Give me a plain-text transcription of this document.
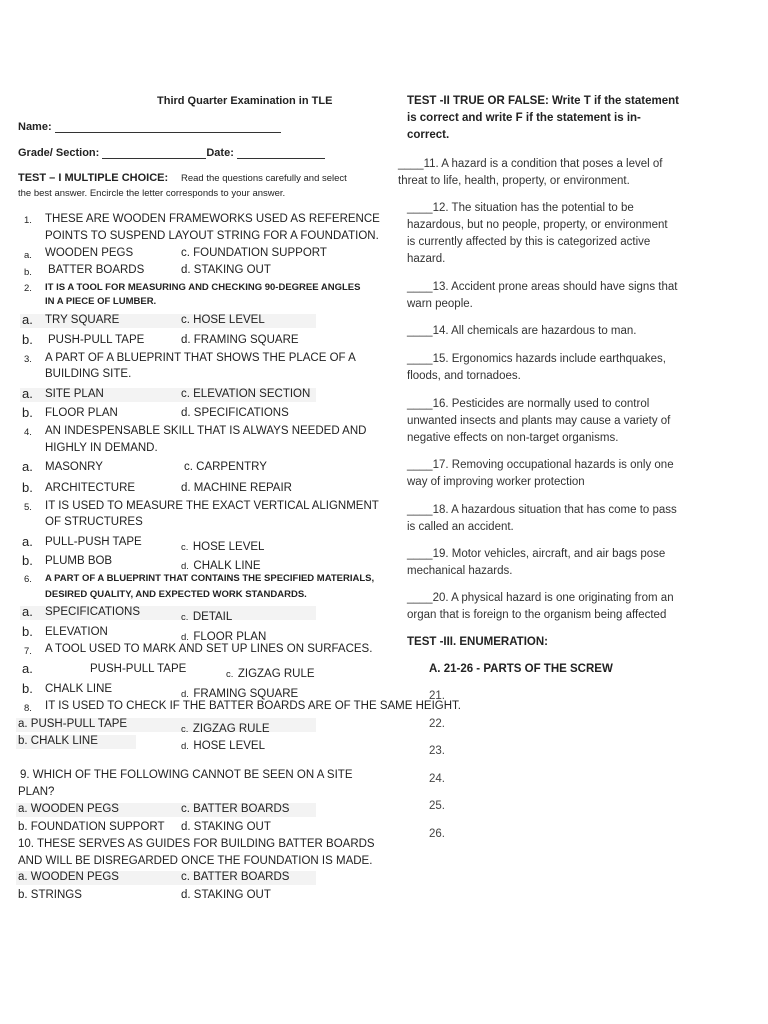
Third Quarter Examination in TLE
Name:
Grade/ Section:	Date:
TEST – I MULTIPLE CHOICE: Read the questions carefully and select
the best answer. Encircle the letter corresponds to your answer.
1. THESE ARE WOODEN FRAMEWORKS USED AS REFERENCE
POINTS TO SUSPEND LAYOUT STRING FOR A FOUNDATION.
a. WOODEN PEGS	c. FOUNDATION SUPPORT
b. BATTER BOARDS	d. STAKING OUT
2. IT IS A TOOL FOR MEASURING AND CHECKING 90-DEGREE ANGLES
IN A PIECE OF LUMBER.
a. TRY SQUARE	c. HOSE LEVEL
b. PUSH-PULL TAPE	d. FRAMING SQUARE
3. A PART OF A BLUEPRINT THAT SHOWS THE PLACE OF A
BUILDING SITE.
a. SITE PLAN	c. ELEVATION SECTION
b. FLOOR PLAN	d. SPECIFICATIONS
4. AN INDESPENSABLE SKILL THAT IS ALWAYS NEEDED AND
HIGHLY IN DEMAND.
a. MASONRY	c. CARPENTRY
b. ARCHITECTURE	d. MACHINE REPAIR
5. IT IS USED TO MEASURE THE EXACT VERTICAL ALIGNMENT
OF STRUCTURES
a. PULL-PUSH TAPE	c. HOSE LEVEL
b. PLUMB BOB	d. CHALK LINE
6. A PART OF A BLUEPRINT THAT CONTAINS THE SPECIFIED MATERIALS,
DESIRED QUALITY, AND EXPECTED WORK STANDARDS.
a. SPECIFICATIONS	c. DETAIL
b. ELEVATION	d. FLOOR PLAN
7. A TOOL USED TO MARK AND SET UP LINES ON SURFACES.
a.	PUSH-PULL TAPE	c. ZIGZAG RULE
b. CHALK LINE	d. FRAMING SQUARE
8. IT IS USED TO CHECK IF THE BATTER BOARDS ARE OF THE SAME HEIGHT.
a. PUSH-PULL TAPE	c. ZIGZAG RULE
b. CHALK LINE	d. HOSE LEVEL
9. WHICH OF THE FOLLOWING CANNOT BE SEEN ON A SITE
PLAN?
a. WOODEN PEGS	c. BATTER BOARDS
b. FOUNDATION SUPPORT d. STAKING OUT
10. THESE SERVES AS GUIDES FOR BUILDING BATTER BOARDS
AND WILL BE DISREGARDED ONCE THE FOUNDATION IS MADE.
a. WOODEN PEGS	c. BATTER BOARDS
b. STRINGS	d. STAKING OUT
TEST -II TRUE OR FALSE: Write T if the statement
is correct and write F if the statement is in-
correct.
____11. A hazard is a condition that poses a level of threat to life, health, property, or environment.
____12. The situation has the potential to be hazardous, but no people, property, or environment is currently affected by this is categorized active hazard.
____13. Accident prone areas should have signs that warn people.
____14. All chemicals are hazardous to man.
____15. Ergonomics hazards include earthquakes, floods, and tornadoes.
____16. Pesticides are normally used to control unwanted insects and plants may cause a variety of negative effects on non-target organisms.
____17. Removing occupational hazards is only one way of improving worker protection
____18. A hazardous situation that has come to pass is called an accident.
____19. Motor vehicles, aircraft, and air bags pose mechanical hazards.
____20. A physical hazard is one originating from an organ that is foreign to the organism being affected
TEST -III. ENUMERATION:
A. 21-26 - PARTS OF THE SCREW
21.
22.
23.
24.
25.
26.
